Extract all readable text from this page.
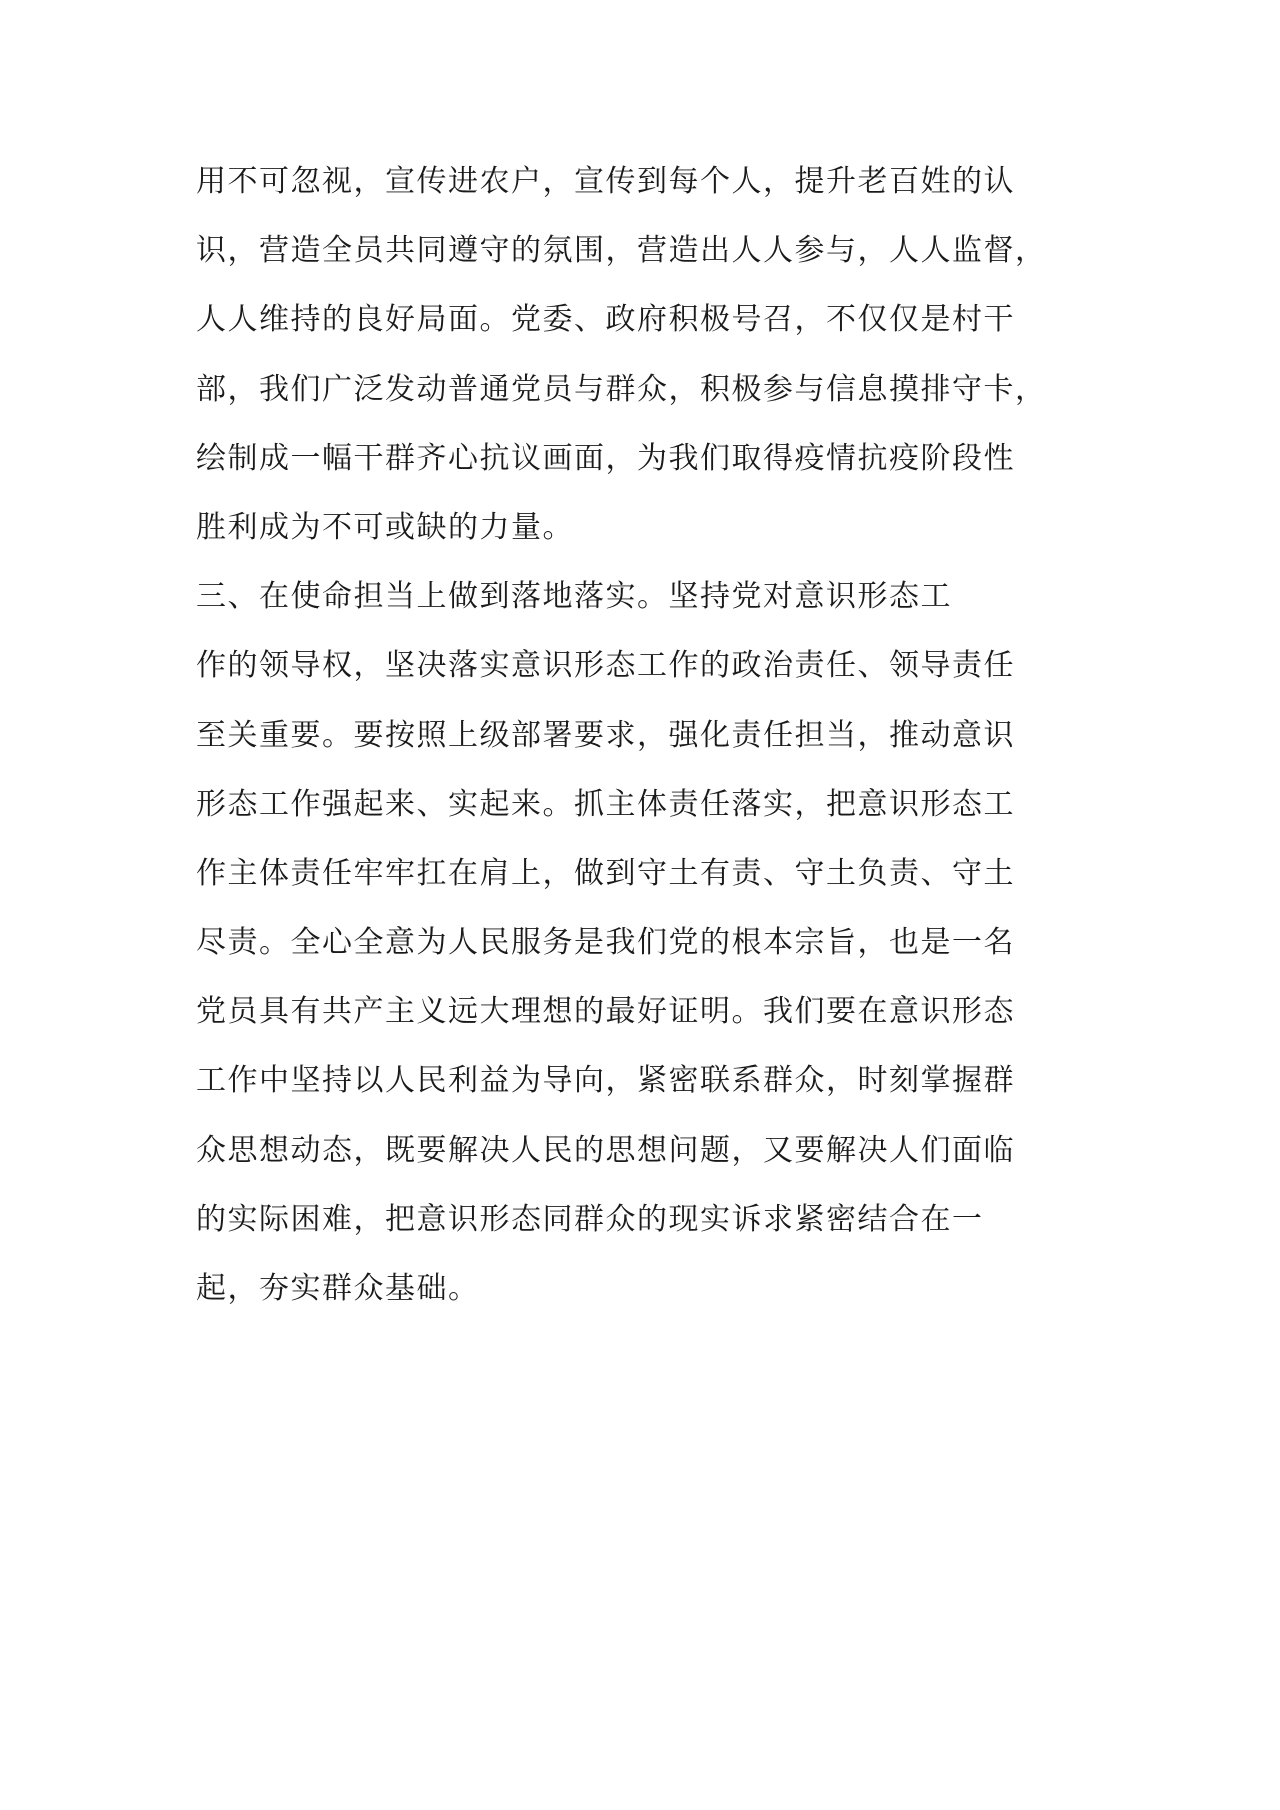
用不可忽视，宣传进农户，宣传到每个人，提升老百姓的认
识，营造全员共同遵守的氛围，营造出人人参与，人人监督，
人人维持的良好局面。党委、政府积极号召，不仅仅是村干
部，我们广泛发动普通党员与群众，积极参与信息摸排守卡，
绘制成一幅干群齐心抗议画面，为我们取得疫情抗疫阶段性
胜利成为不可或缺的力量。
三、在使命担当上做到落地落实。坚持党对意识形态工
作的领导权，坚决落实意识形态工作的政治责任、领导责任
至关重要。要按照上级部署要求，强化责任担当，推动意识
形态工作强起来、实起来。抓主体责任落实，把意识形态工
作主体责任牢牢扛在肩上，做到守土有责、守土负责、守土
尽责。全心全意为人民服务是我们党的根本宗旨，也是一名
党员具有共产主义远大理想的最好证明。我们要在意识形态
工作中坚持以人民利益为导向，紧密联系群众，时刻掌握群
众思想动态，既要解决人民的思想问题，又要解决人们面临
的实际困难，把意识形态同群众的现实诉求紧密结合在一
起，夯实群众基础。
